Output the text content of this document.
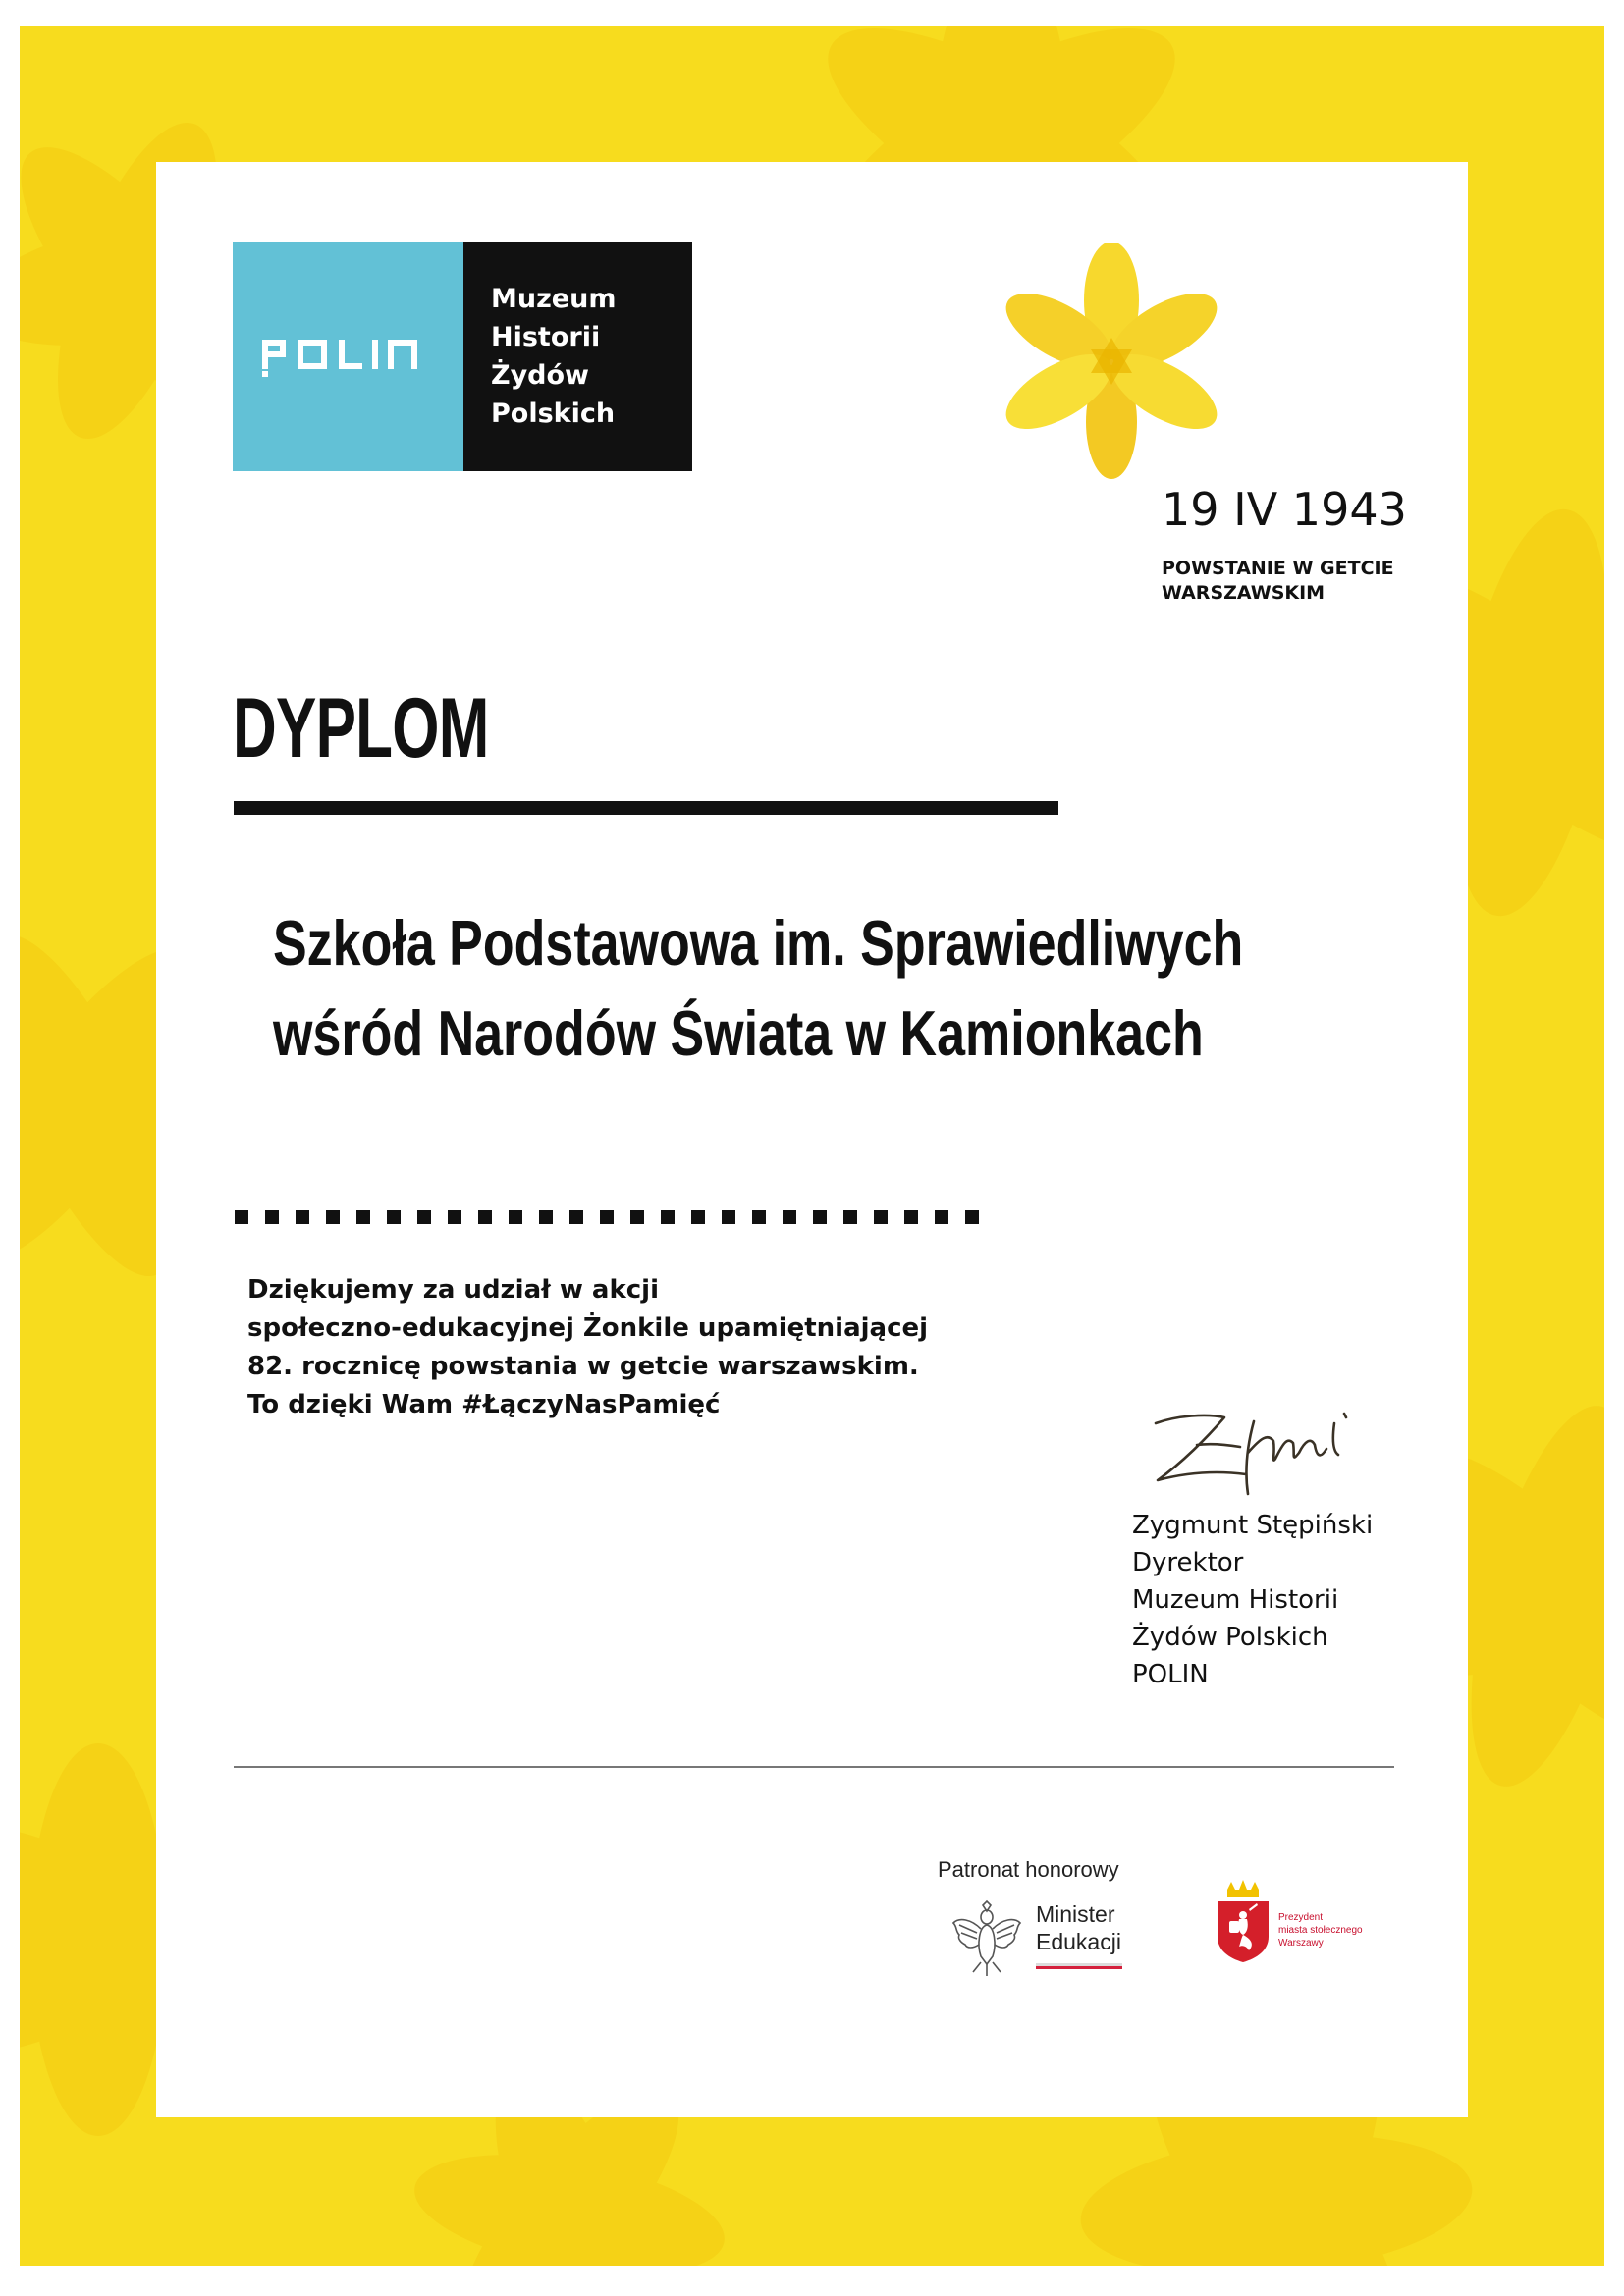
Muzeum
Historii
Żydów
Polskich
19 IV 1943
POWSTANIE W GETCIE
WARSZAWSKIM
DYPLOM
Szkoła Podstawowa im. Sprawiedliwych
wśród Narodów Świata w Kamionkach
Dziękujemy za udział w akcji
społeczno-edukacyjnej Żonkile upamiętniającej
82. rocznicę powstania w getcie warszawskim.
To dzięki Wam #ŁączyNasPamięć
Zygmunt Stępiński
Dyrektor
Muzeum Historii
Żydów Polskich
POLIN
Patronat honorowy
Minister
Edukacji
Prezydent
miasta stołecznego
Warszawy
